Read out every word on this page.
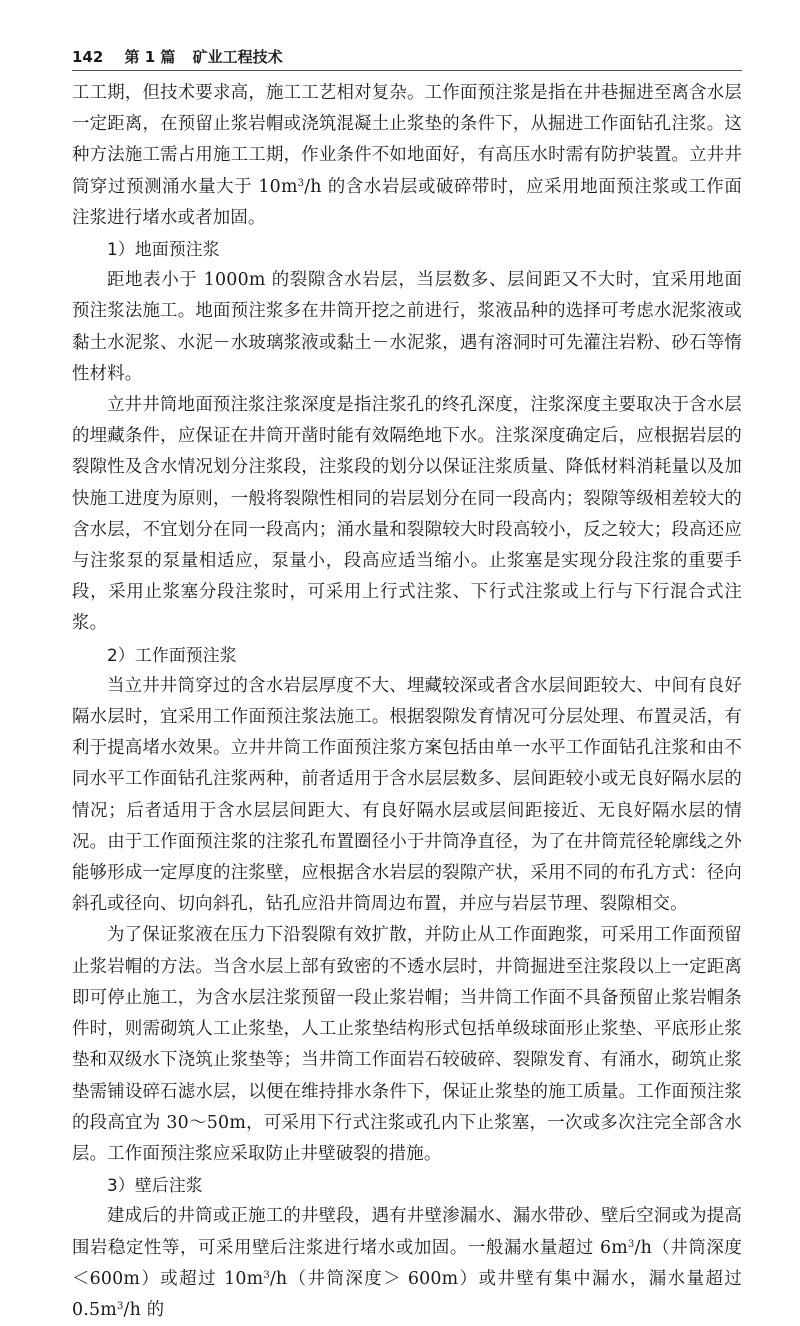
142 第 1 篇 矿业工程技术

工工期，但技术要求高，施工工艺相对复杂。工作面预注浆是指在井巷掘进至离含水层一定距离，在预留止浆岩帽或浇筑混凝土止浆垫的条件下，从掘进工作面钻孔注浆。这种方法施工需占用施工工期，作业条件不如地面好，有高压水时需有防护装置。立井井筒穿过预测涌水量大于 $10m^3/h$ 的含水岩层或破碎带时，应采用地面预注浆或工作面注浆进行堵水或者加固。

1）地面预注浆

距地表小于 1000m 的裂隙含水岩层，当层数多、层间距又不大时，宜采用地面预注浆法施工。地面预注浆多在井筒开挖之前进行，浆液品种的选择可考虑水泥浆液或黏土水泥浆、水泥－水玻璃浆液或黏土－水泥浆，遇有溶洞时可先灌注岩粉、砂石等惰性材料。

立井井筒地面预注浆注浆深度是指注浆孔的终孔深度，注浆深度主要取决于含水层的埋藏条件，应保证在井筒开凿时能有效隔绝地下水。注浆深度确定后，应根据岩层的裂隙性及含水情况划分注浆段，注浆段的划分以保证注浆质量、降低材料消耗量以及加快施工进度为原则，一般将裂隙性相同的岩层划分在同一段高内；裂隙等级相差较大的含水层，不宜划分在同一段高内；涌水量和裂隙较大时段高较小，反之较大；段高还应与注浆泵的泵量相适应，泵量小，段高应适当缩小。止浆塞是实现分段注浆的重要手段，采用止浆塞分段注浆时，可采用上行式注浆、下行式注浆或上行与下行混合式注浆。

2）工作面预注浆

当立井井筒穿过的含水岩层厚度不大、埋藏较深或者含水层间距较大、中间有良好隔水层时，宜采用工作面预注浆法施工。根据裂隙发育情况可分层处理、布置灵活，有利于提高堵水效果。立井井筒工作面预注浆方案包括由单一水平工作面钻孔注浆和由不同水平工作面钻孔注浆两种，前者适用于含水层层数多、层间距较小或无良好隔水层的情况；后者适用于含水层层间距大、有良好隔水层或层间距接近、无良好隔水层的情况。由于工作面预注浆的注浆孔布置圈径小于井筒净直径，为了在井筒荒径轮廓线之外能够形成一定厚度的注浆壁，应根据含水岩层的裂隙产状，采用不同的布孔方式：径向斜孔或径向、切向斜孔，钻孔应沿井筒周边布置，并应与岩层节理、裂隙相交。

为了保证浆液在压力下沿裂隙有效扩散，并防止从工作面跑浆，可采用工作面预留止浆岩帽的方法。当含水层上部有致密的不透水层时，井筒掘进至注浆段以上一定距离即可停止施工，为含水层注浆预留一段止浆岩帽；当井筒工作面不具备预留止浆岩帽条件时，则需砌筑人工止浆垫，人工止浆垫结构形式包括单级球面形止浆垫、平底形止浆垫和双级水下浇筑止浆垫等；当井筒工作面岩石较破碎、裂隙发育、有涌水，砌筑止浆垫需铺设碎石滤水层，以便在维持排水条件下，保证止浆垫的施工质量。工作面预注浆的段高宜为 30～50m，可采用下行式注浆或孔内下止浆塞，一次或多次注完全部含水层。工作面预注浆应采取防止井壁破裂的措施。

3）壁后注浆

建成后的井筒或正施工的井壁段，遇有井壁渗漏水、漏水带砂、壁后空洞或为提高围岩稳定性等，可采用壁后注浆进行堵水或加固。一般漏水量超过 $6m^3/h$（井筒深度＜600m）或超过 $10m^3/h$（井筒深度＞ 600m）或井壁有集中漏水，漏水量超过 $0.5m^3/h$ 的
